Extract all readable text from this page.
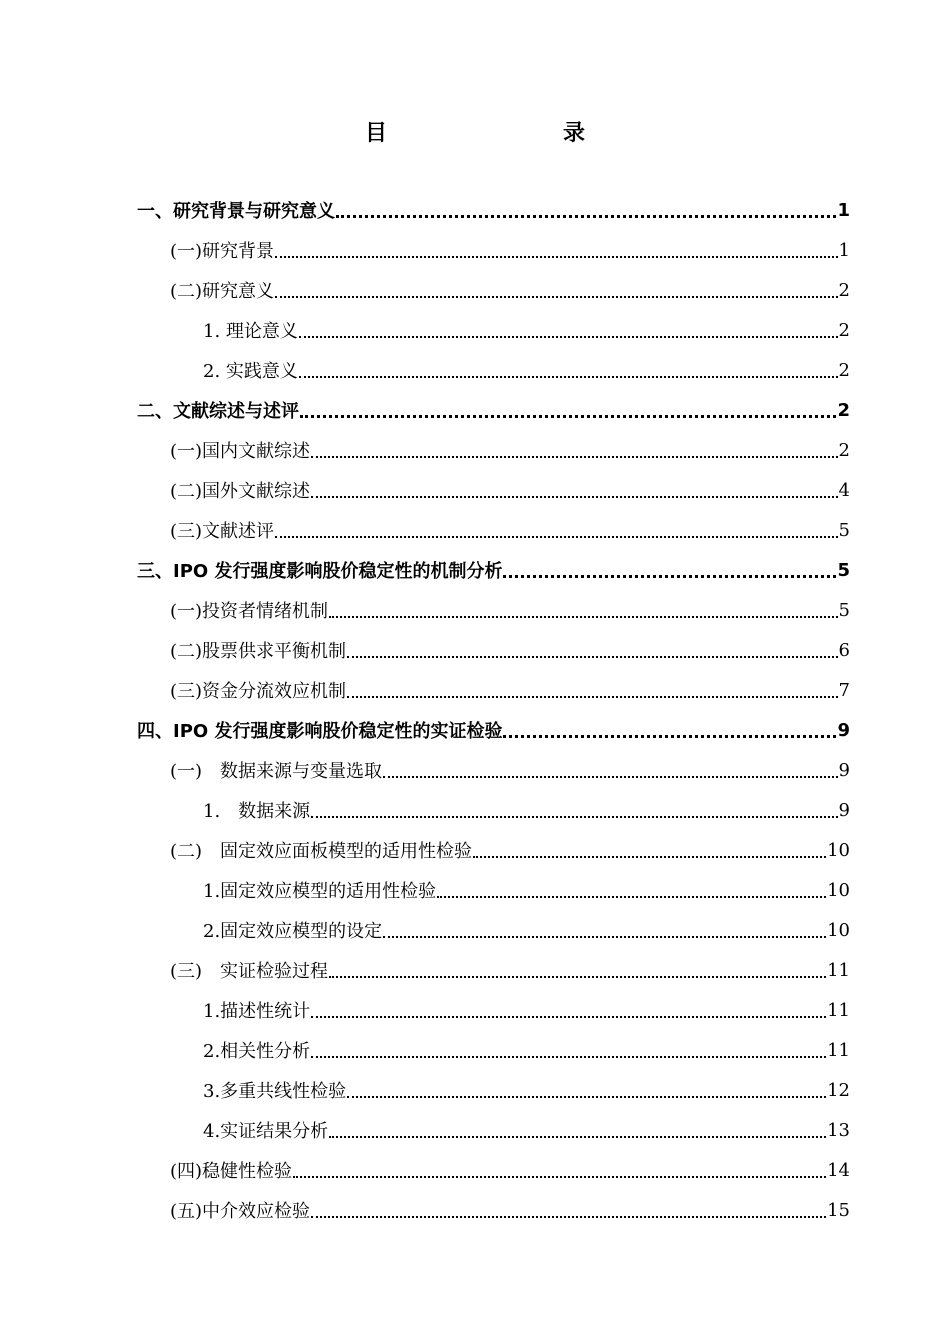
目　　录
一、研究背景与研究意义	1
(一)研究背景	1
(二)研究意义	2
1. 理论意义	2
2. 实践意义	2
二、文献综述与述评	2
(一)国内文献综述	2
(二)国外文献综述	4
(三)文献述评	5
三、IPO 发行强度影响股价稳定性的机制分析	5
(一)投资者情绪机制	5
(二)股票供求平衡机制	6
(三)资金分流效应机制	7
四、IPO 发行强度影响股价稳定性的实证检验	9
(一)　数据来源与变量选取	9
1.　数据来源	9
(二)　固定效应面板模型的适用性检验	10
1.固定效应模型的适用性检验	10
2.固定效应模型的设定	10
(三)　实证检验过程	11
1.描述性统计	11
2.相关性分析	11
3.多重共线性检验	12
4.实证结果分析	13
(四)稳健性检验	14
(五)中介效应检验	15
